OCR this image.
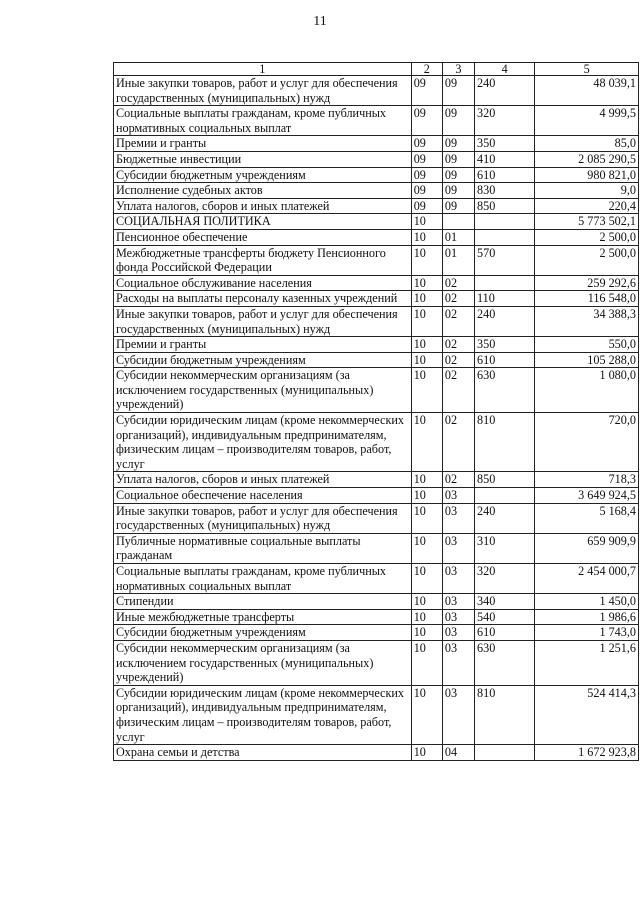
11
1	2	3	4	5
Иные закупки товаров, работ и услуг для обеспечения государственных (муниципальных) нужд	09	09	240	48 039,1
Социальные выплаты гражданам, кроме публичных нормативных социальных выплат	09	09	320	4 999,5
Премии и гранты	09	09	350	85,0
Бюджетные инвестиции	09	09	410	2 085 290,5
Субсидии бюджетным учреждениям	09	09	610	980 821,0
Исполнение судебных актов	09	09	830	9,0
Уплата налогов, сборов и иных платежей	09	09	850	220,4
СОЦИАЛЬНАЯ ПОЛИТИКА	10			5 773 502,1
Пенсионное обеспечение	10	01		2 500,0
Межбюджетные трансферты бюджету Пенсионного фонда Российской Федерации	10	01	570	2 500,0
Социальное обслуживание населения	10	02		259 292,6
Расходы на выплаты персоналу казенных учреждений	10	02	110	116 548,0
Иные закупки товаров, работ и услуг для обеспечения государственных (муниципальных) нужд	10	02	240	34 388,3
Премии и гранты	10	02	350	550,0
Субсидии бюджетным учреждениям	10	02	610	105 288,0
Субсидии некоммерческим организациям (за исключением государственных (муниципальных) учреждений)	10	02	630	1 080,0
Субсидии юридическим лицам (кроме некоммерческих организаций), индивидуальным предпринимателям, физическим лицам – производителям товаров, работ, услуг	10	02	810	720,0
Уплата налогов, сборов и иных платежей	10	02	850	718,3
Социальное обеспечение населения	10	03		3 649 924,5
Иные закупки товаров, работ и услуг для обеспечения государственных (муниципальных) нужд	10	03	240	5 168,4
Публичные нормативные социальные выплаты гражданам	10	03	310	659 909,9
Социальные выплаты гражданам, кроме публичных нормативных социальных выплат	10	03	320	2 454 000,7
Стипендии	10	03	340	1 450,0
Иные межбюджетные трансферты	10	03	540	1 986,6
Субсидии бюджетным учреждениям	10	03	610	1 743,0
Субсидии некоммерческим организациям (за исключением государственных (муниципальных) учреждений)	10	03	630	1 251,6
Субсидии юридическим лицам (кроме некоммерческих организаций), индивидуальным предпринимателям, физическим лицам – производителям товаров, работ, услуг	10	03	810	524 414,3
Охрана семьи и детства	10	04		1 672 923,8
